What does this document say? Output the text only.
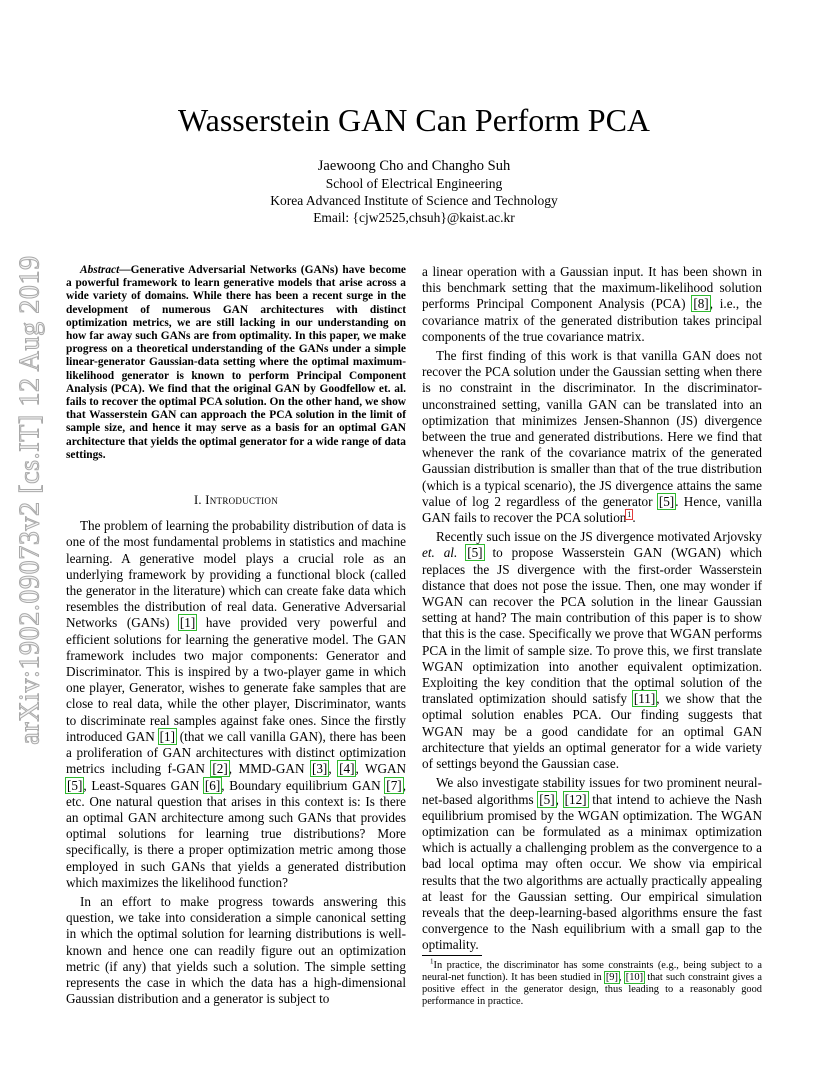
arXiv:1902.09073v2 [cs.IT] 12 Aug 2019
Wasserstein GAN Can Perform PCA
Jaewoong Cho and Changho Suh
School of Electrical Engineering
Korea Advanced Institute of Science and Technology
Email: {cjw2525,chsuh}@kaist.ac.kr
Abstract—Generative Adversarial Networks (GANs) have become a powerful framework to learn generative models that arise across a wide variety of domains. While there has been a recent surge in the development of numerous GAN architectures with distinct optimization metrics, we are still lacking in our understanding on how far away such GANs are from optimality. In this paper, we make progress on a theoretical understanding of the GANs under a simple linear-generator Gaussian-data setting where the optimal maximum-likelihood generator is known to perform Principal Component Analysis (PCA). We find that the original GAN by Goodfellow et. al. fails to recover the optimal PCA solution. On the other hand, we show that Wasserstein GAN can approach the PCA solution in the limit of sample size, and hence it may serve as a basis for an optimal GAN architecture that yields the optimal generator for a wide range of data settings.
I. Introduction

The problem of learning the probability distribution of data is one of the most fundamental problems in statistics and machine learning. A generative model plays a crucial role as an underlying framework by providing a functional block (called the generator in the literature) which can create fake data which resembles the distribution of real data. Generative Adversarial Networks (GANs) [1] have provided very powerful and efficient solutions for learning the generative model. The GAN framework includes two major components: Generator and Discriminator. This is inspired by a two-player game in which one player, Generator, wishes to generate fake samples that are close to real data, while the other player, Discriminator, wants to discriminate real samples against fake ones. Since the firstly introduced GAN [1] (that we call vanilla GAN), there has been a proliferation of GAN architectures with distinct optimization metrics including f-GAN [2], MMD-GAN [3], [4], WGAN [5], Least-Squares GAN [6], Boundary equilibrium GAN [7], etc. One natural question that arises in this context is: Is there an optimal GAN architecture among such GANs that provides optimal solutions for learning true distributions? More specifically, is there a proper optimization metric among those employed in such GANs that yields a generated distribution which maximizes the likelihood function?

In an effort to make progress towards answering this question, we take into consideration a simple canonical setting in which the optimal solution for learning distributions is well-known and hence one can readily figure out an optimization metric (if any) that yields such a solution. The simple setting represents the case in which the data has a high-dimensional Gaussian distribution and a generator is subject to

a linear operation with a Gaussian input. It has been shown in this benchmark setting that the maximum-likelihood solution performs Principal Component Analysis (PCA) [8], i.e., the covariance matrix of the generated distribution takes principal components of the true covariance matrix.

The first finding of this work is that vanilla GAN does not recover the PCA solution under the Gaussian setting when there is no constraint in the discriminator. In the discriminator-unconstrained setting, vanilla GAN can be translated into an optimization that minimizes Jensen-Shannon (JS) divergence between the true and generated distributions. Here we find that whenever the rank of the covariance matrix of the generated Gaussian distribution is smaller than that of the true distribution (which is a typical scenario), the JS divergence attains the same value of log 2 regardless of the generator [5]. Hence, vanilla GAN fails to recover the PCA solution$^1$.

Recently such issue on the JS divergence motivated Arjovsky et. al. [5] to propose Wasserstein GAN (WGAN) which replaces the JS divergence with the first-order Wasserstein distance that does not pose the issue. Then, one may wonder if WGAN can recover the PCA solution in the linear Gaussian setting at hand? The main contribution of this paper is to show that this is the case. Specifically we prove that WGAN performs PCA in the limit of sample size. To prove this, we first translate WGAN optimization into another equivalent optimization. Exploiting the key condition that the optimal solution of the translated optimization should satisfy [11], we show that the optimal solution enables PCA. Our finding suggests that WGAN may be a good candidate for an optimal GAN architecture that yields an optimal generator for a wide variety of settings beyond the Gaussian case.

We also investigate stability issues for two prominent neural-net-based algorithms [5], [12] that intend to achieve the Nash equilibrium promised by the WGAN optimization. The WGAN optimization can be formulated as a minimax optimization which is actually a challenging problem as the convergence to a bad local optima may often occur. We show via empirical results that the two algorithms are actually practically appealing at least for the Gaussian setting. Our empirical simulation reveals that the deep-learning-based algorithms ensure the fast convergence to the Nash equilibrium with a small gap to the optimality.

$^1$In practice, the discriminator has some constraints (e.g., being subject to a neural-net function). It has been studied in [9], [10] that such constraint gives a positive effect in the generator design, thus leading to a reasonably good performance in practice.
